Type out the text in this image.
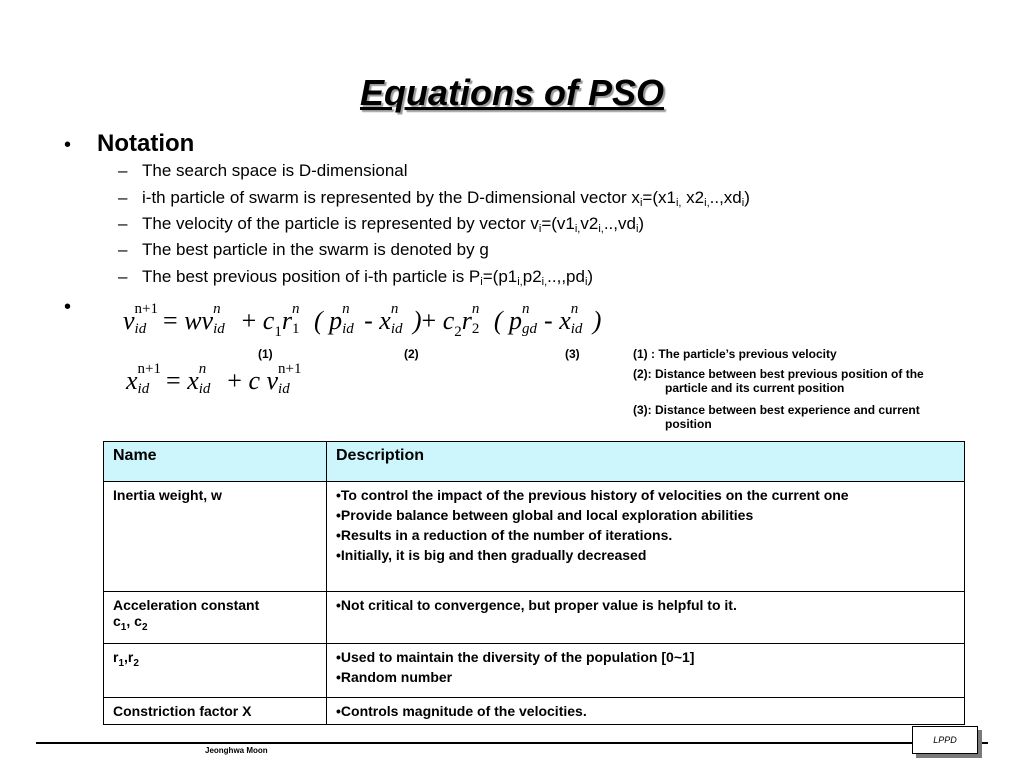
Equations of PSO
• Notation
– The search space is D-dimensional
– i-th particle of swarm is represented by the D-dimensional vector $x_i=(x1_{i,}$ $x2_{i,}..,xd_i$)
– The velocity of the particle is represented by vector $v_i=(v1_{i,}v2_{i,}..,vd_i)$
– The best particle in the swarm is denoted by g
– The best previous position of i-th particle is $P_i=(p1_{i,}p2_{i,}..,,pd_i)$
• v n+1
id = wv n
id + $c_1r$ n
1 ( p n
id - x n
id )+ $c_2r$ n
2 ( p n
gd - x n
id )
(1)	(2)	(3)
x n+1
id = x n
id + c v n+1
id
(1) : The particle’s previous velocity
(2): Distance between best previous position of the
particle and its current position
(3): Distance between best experience and current
position
Name	Description
Inertia weight, w	•To control the impact of the previous history of velocities on the current one
•Provide balance between global and local exploration abilities
•Results in a reduction of the number of iterations.
•Initially, it is big and then gradually decreased

Acceleration constant
$c_1$, $c_2$	•Not critical to convergence, but proper value is helpful to it.

$r_1,r_2$	•Used to maintain the diversity of the population [0~1]
•Random number

Constriction factor X	•Controls magnitude of the velocities.
Jeonghwa Moon
LPPD
